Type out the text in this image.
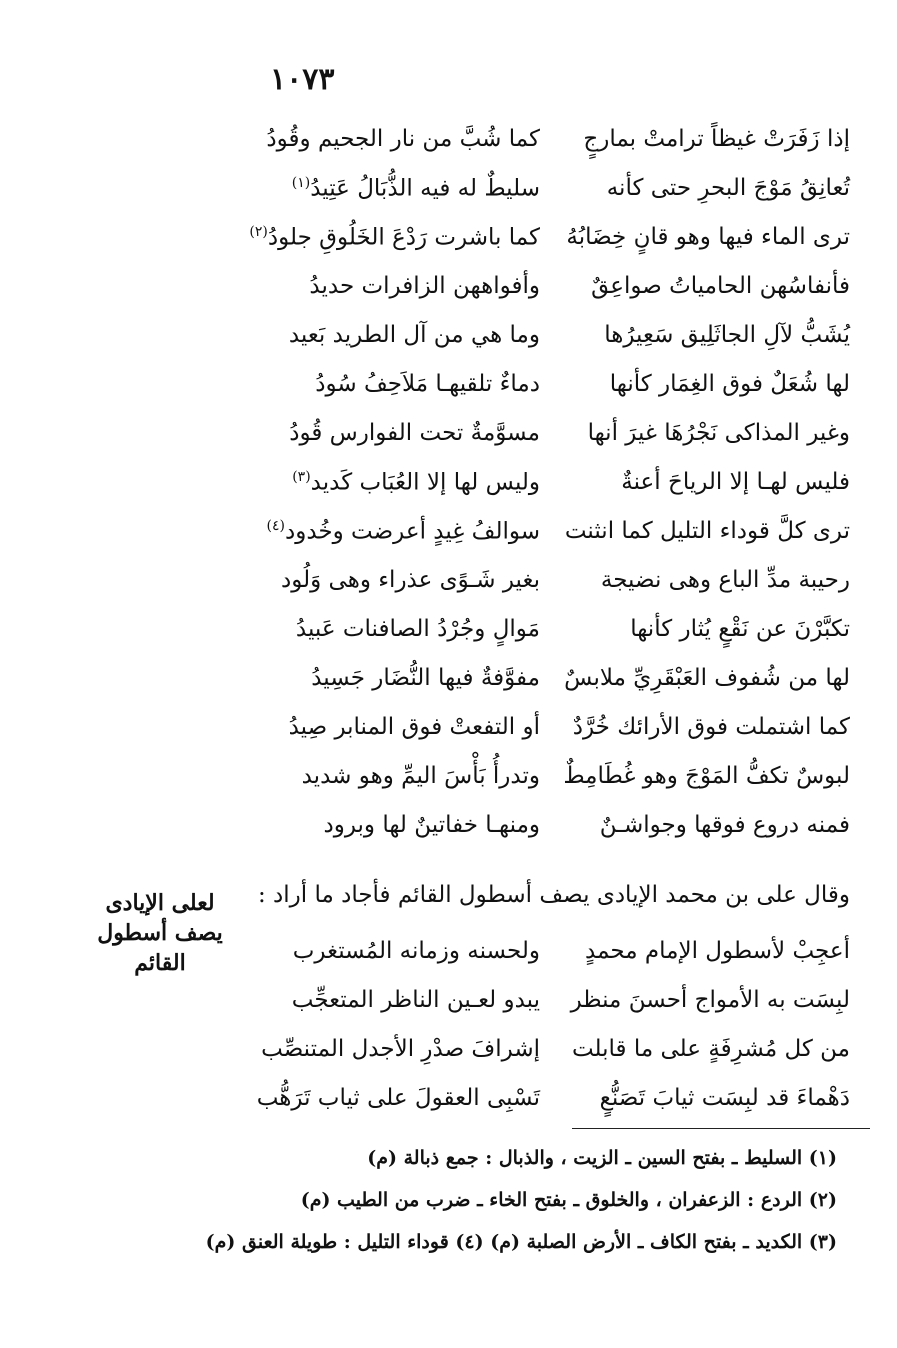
١٠٧٣
إذا زَفَرَتْ غيظاً ترامتْ بمارجٍ
كما شُبَّ من نار الجحيم وقُودُ
تُعانِقُ مَوْجَ البحرِ حتى كأنه
سليطٌ له فيه الذُّبَالُ عَتِيدُ$^{(١)}$
ترى الماء فيها وهو قانٍ خِضَابُهُ
كما باشرت رَدْعَ الخَلُوقِ جلودُ$^{(٢)}$
فأنفاسُهن الحامياتُ صواعِقٌ
وأفواههن الزافرات حديدُ
يُشَبُّ لآلِ الجاثَلِيق سَعِيرُها
وما هي من آل الطريد بَعيد
لها شُعَلٌ فوق الغِمَار كأنها
دماءٌ تلقيهـا مَلاَحِفُ سُودُ
وغير المذاكى نَجْرُهَا غيرَ أنها
مسوَّمةٌ تحت الفوارس قُودُ
فليس لهـا إلا الرياحَ أعنةٌ
وليس لها إلا العُبَاب كَديد$^{(٣)}$
ترى كلَّ قوداء التليل كما انثنت
سوالفُ غِيدٍ أعرضت وخُدود$^{(٤)}$
رحيبة مدِّ الباع وهى نضيجة
بغير شَـوًى عذراء وهى وَلُود
تكبَّرْنَ عن نَقْعٍ يُثار كأنها
مَوالٍ وجُرْدُ الصافنات عَبيدُ
لها من شُفوف العَبْقَرِيِّ ملابسٌ
مفوَّفةٌ فيها النُّضَار جَسِيدُ
كما اشتملت فوق الأرائك خُرَّدٌ
أو التفعتْ فوق المنابر صِيدُ
لبوسٌ تكفُّ المَوْجَ وهو غُطَامِطٌ
وتدرأُ بَأْسَ اليمِّ وهو شديد
فمنه دروع فوقها وجواشـنٌ
ومنهـا خفاتينٌ لها وبرود
وقال على بن محمد الإيادى يصف أسطول القائم فأجاد ما أراد :
لعلى الإيادى
يصف أسطول
القائم	أعجِبْ لأسطول الإمام محمدٍ
ولحسنه وزمانه المُستغرب
لبِسَت به الأمواج أحسنَ منظر
يبدو لعـين الناظر المتعجِّب
من كل مُشرِفَةٍ على ما قابلت
إشرافَ صدْرِ الأجدل المتنصِّب
دَهْماءَ قد لبِسَت ثيابَ تَصَنُّعٍ
تَسْبِى العقولَ على ثياب تَرَهُّب
(١) السليط ـ بفتح السين ـ الزيت ، والذبال : جمع ذبالة (م)
(٢) الردع : الزعفران ، والخلوق ـ بفتح الخاء ـ ضرب من الطيب (م)
(٣) الكديد ـ بفتح الكاف ـ الأرض الصلبة (م) (٤) قوداء التليل : طويلة العنق (م)
